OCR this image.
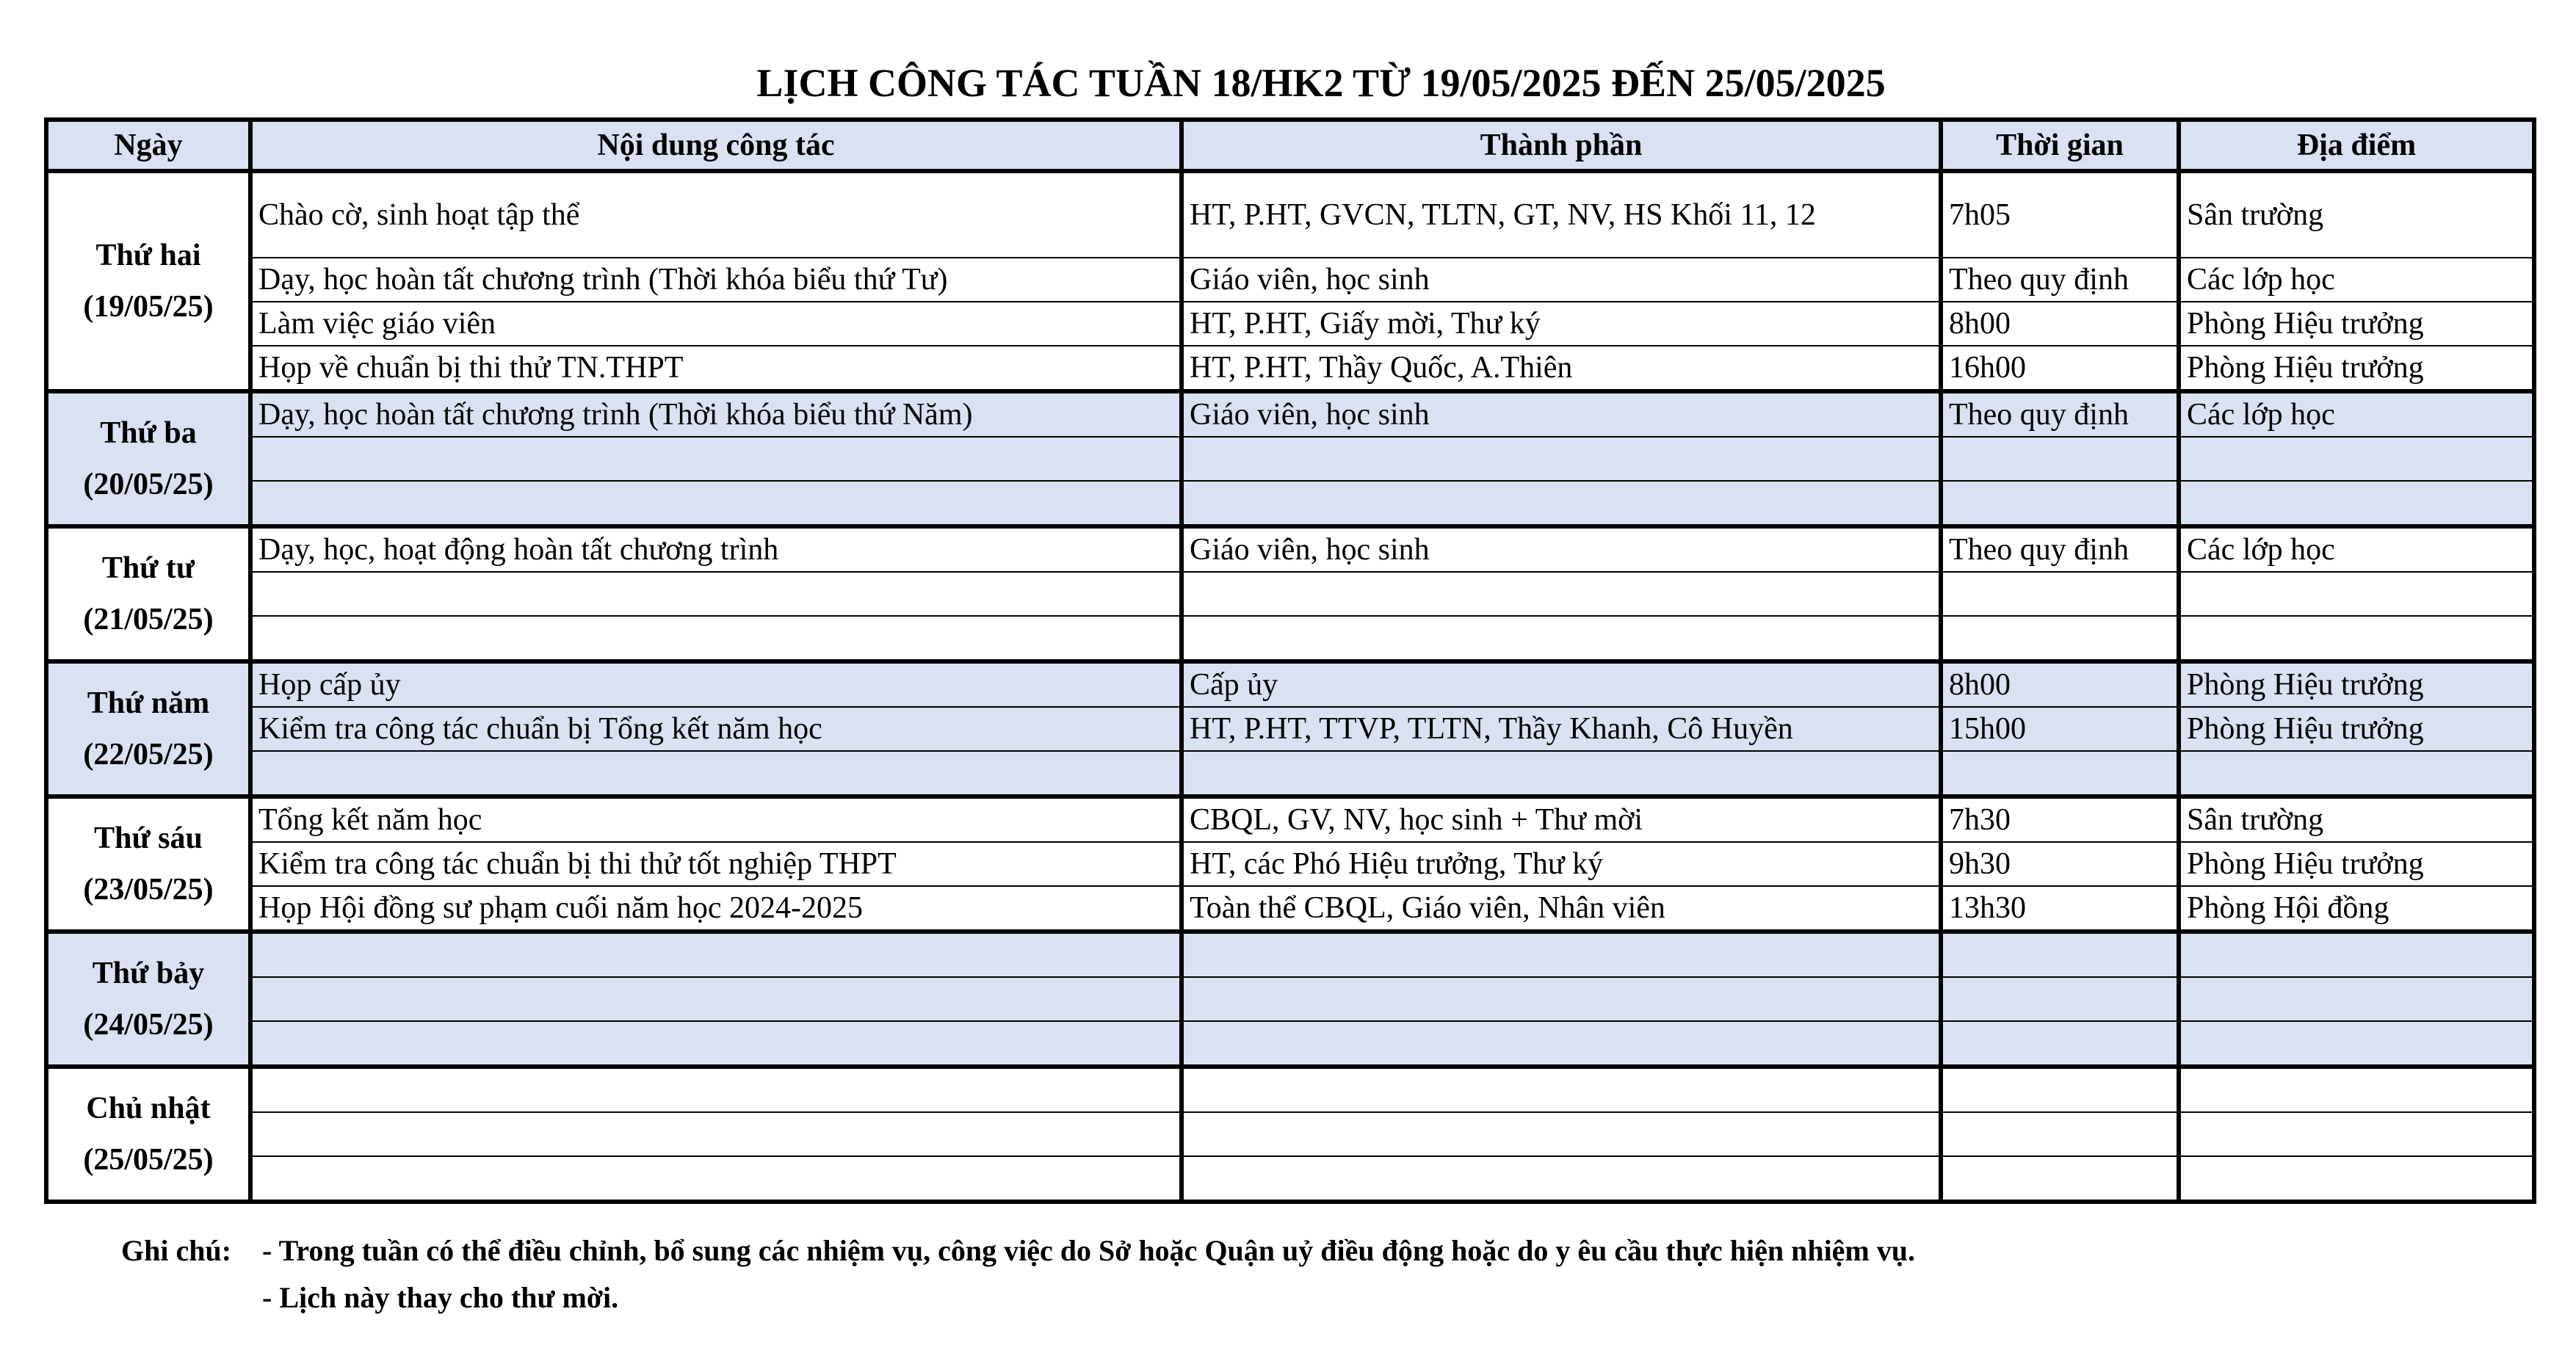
LỊCH CÔNG TÁC TUẦN 18/HK2 TỪ 19/05/2025 ĐẾN 25/05/2025
Ngày	Nội dung công tác	Thành phần	Thời gian	Địa điểm

Thứ hai
(19/05/25)	Chào cờ, sinh hoạt tập thể	HT, P.HT, GVCN, TLTN, GT, NV, HS Khối 11, 12	7h05	Sân trường
	Dạy, học hoàn tất chương trình (Thời khóa biểu thứ Tư)	Giáo viên, học sinh	Theo quy định	Các lớp học
	Làm việc giáo viên	HT, P.HT, Giấy mời, Thư ký	8h00	Phòng Hiệu trưởng
	Họp về chuẩn bị thi thử TN.THPT	HT, P.HT, Thầy Quốc, A.Thiên	16h00	Phòng Hiệu trưởng

Thứ ba
(20/05/25)	Dạy, học hoàn tất chương trình (Thời khóa biểu thứ Năm)	Giáo viên, học sinh	Theo quy định	Các lớp học

Thứ tư
(21/05/25)	Dạy, học, hoạt động hoàn tất chương trình	Giáo viên, học sinh	Theo quy định	Các lớp học

Thứ năm
(22/05/25)	Họp cấp ủy	Cấp ủy	8h00	Phòng Hiệu trưởng
	Kiểm tra công tác chuẩn bị Tổng kết năm học	HT, P.HT, TTVP, TLTN, Thầy Khanh, Cô Huyền	15h00	Phòng Hiệu trưởng

Thứ sáu
(23/05/25)	Tổng kết năm học	CBQL, GV, NV, học sinh + Thư mời	7h30	Sân trường
	Kiểm tra công tác chuẩn bị thi thử tốt nghiệp THPT	HT, các Phó Hiệu trưởng, Thư ký	9h30	Phòng Hiệu trưởng
	Họp Hội đồng sư phạm cuối năm học 2024-2025	Toàn thể CBQL, Giáo viên, Nhân viên	13h30	Phòng Hội đồng

Thứ bảy
(24/05/25)				

Chủ nhật
(25/05/25)				

Ghi chú:	- Trong tuần có thể điều chỉnh, bổ sung các nhiệm vụ, công việc do Sở hoặc Quận uỷ điều động hoặc do y êu cầu thực hiện nhiệm vụ.
- Lịch này thay cho thư mời.
